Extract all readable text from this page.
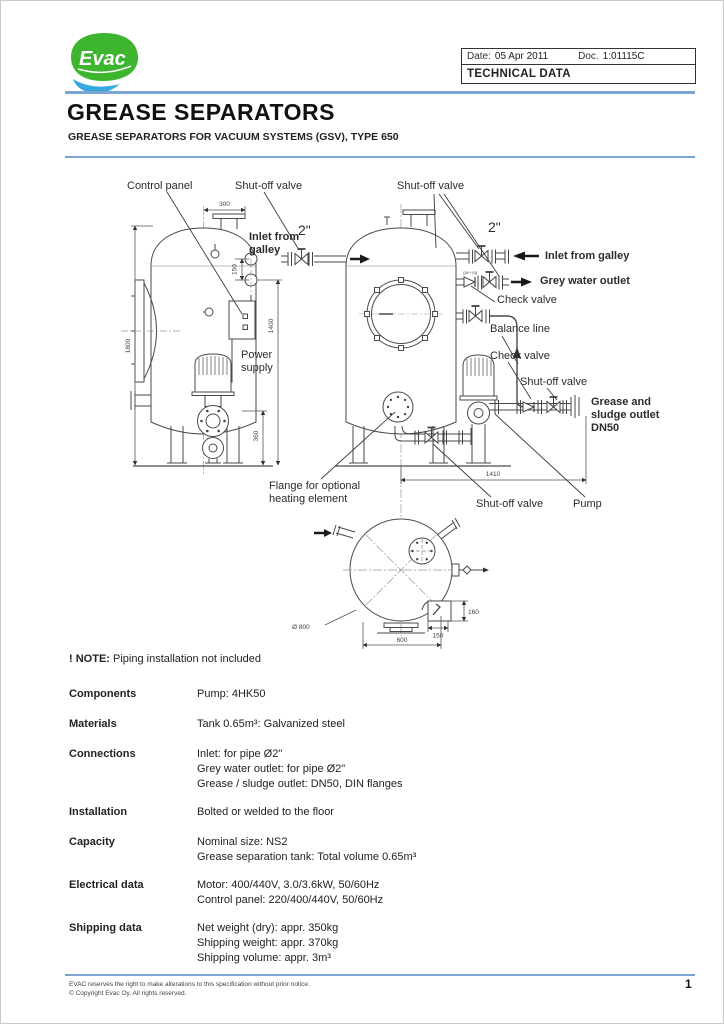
Evac	Date: 05 Apr 2011	Doc. 1:01115C
TECHNICAL DATA
GREASE SEPARATORS
GREASE SEPARATORS FOR VACUUM SYSTEMS (GSV), TYPE 650
300
1800
150
1400
360
1410
Ø 800
600
150
160
gw+og
Control panel	Shut-off valve	Shut-off valve
Inlet from
galley
2"	2"
Inlet from galley
Grey water outlet
Check valve
Balance line
Check valve
Shut-off valve
Grease and
sludge outlet
DN50
Power
supply
Flange for optional
heating element	Shut-off valve	Pump
! NOTE: Piping installation not included
Components	Pump: 4HK50
Materials	Tank 0.65m³: Galvanized steel
Connections	Inlet: for pipe Ø2"
Grey water outlet: for pipe Ø2"
Grease / sludge outlet: DN50, DIN flanges
Installation	Bolted or welded to the floor
Capacity	Nominal size: NS2
Grease separation tank: Total volume 0.65m³
Electrical data	Motor: 400/440V, 3.0/3.6kW, 50/60Hz
Control panel: 220/400/440V, 50/60Hz
Shipping data	Net weight (dry): appr. 350kg
Shipping weight: appr. 370kg
Shipping volume: appr. 3m³
EVAC reserves the right to make alterations to this specification without prior notice.
© Copyright Evac Oy. All rights reserved.
1
